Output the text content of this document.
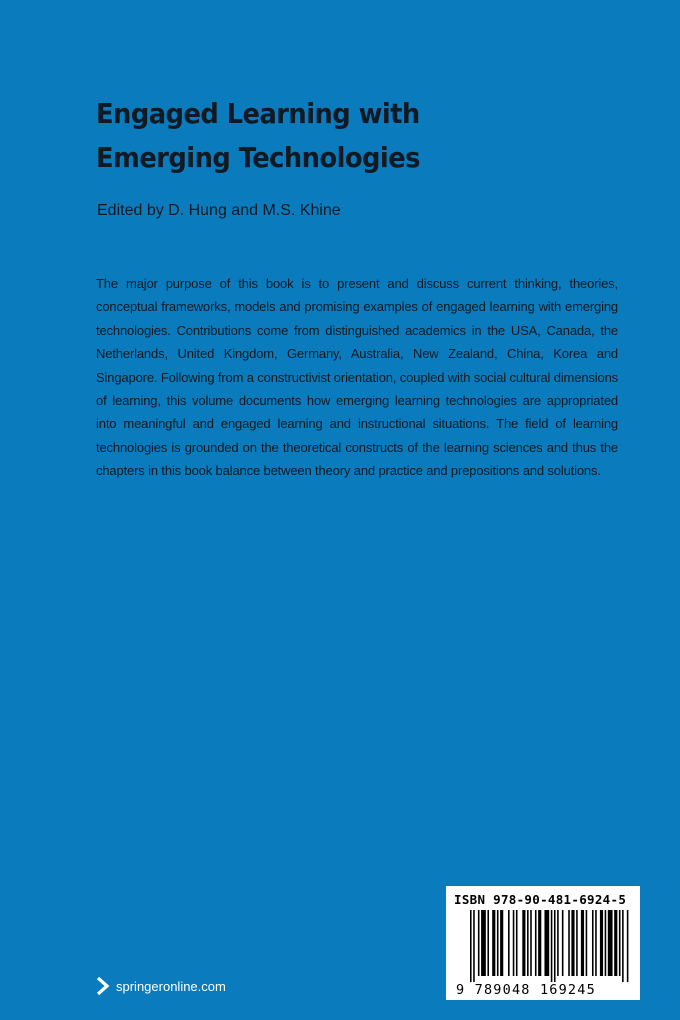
Engaged Learning with
Emerging Technologies
Edited by D. Hung and M.S. Khine

The major purpose of this book is to present and discuss current thinking, theories, conceptual frameworks, models and promising examples of engaged learning with emerging technologies. Contributions come from distinguished academics in the USA, Canada, the Netherlands, United Kingdom, Germany, Australia, New Zealand, China, Korea and Singapore. Following from a constructivist orientation, coupled with social cultural dimensions of learning, this volume documents how emerging learning technologies are appropriated into meaningful and engaged learning and instructional situations. The field of learning technologies is grounded on the theoretical constructs of the learning sciences and thus the chapters in this book balance between theory and practice and prepositions and solutions.

springeronline.com
ISBN 978-90-481-6924-5
9 789048 169245
